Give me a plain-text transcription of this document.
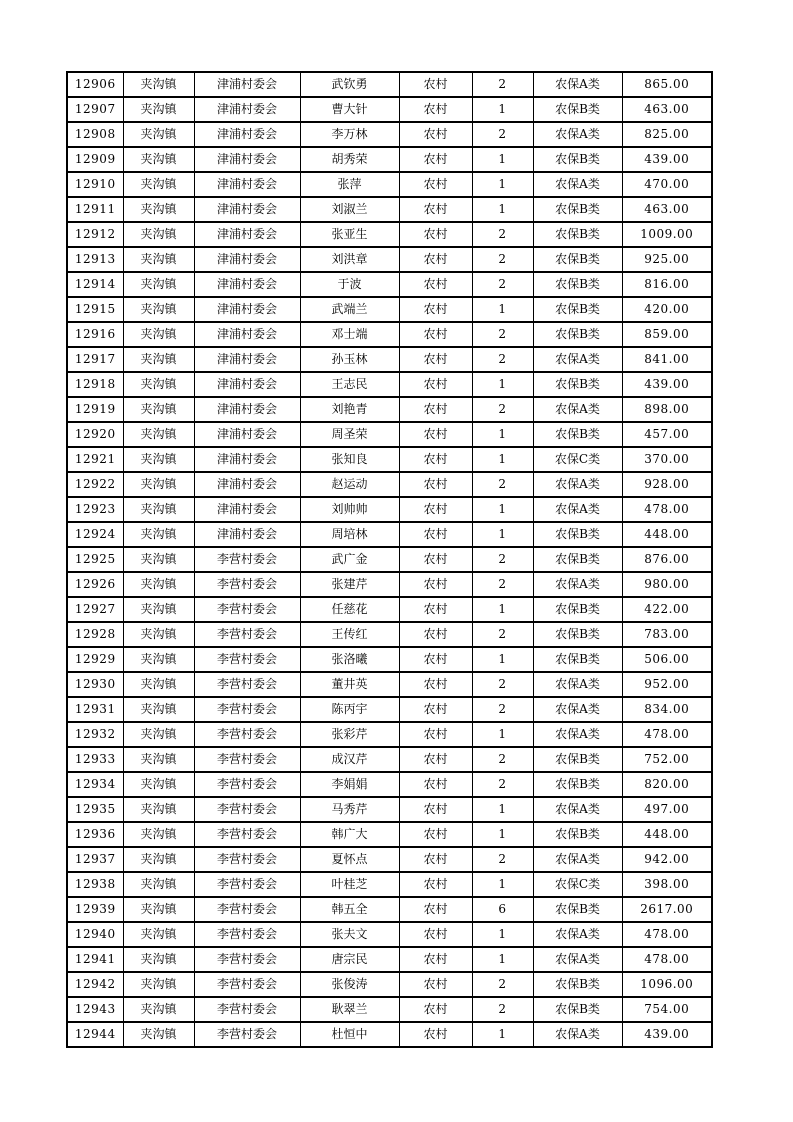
12906	夹沟镇	津浦村委会	武钦勇	农村	2	农保A类	865.00
12907	夹沟镇	津浦村委会	曹大针	农村	1	农保B类	463.00
12908	夹沟镇	津浦村委会	李万林	农村	2	农保A类	825.00
12909	夹沟镇	津浦村委会	胡秀荣	农村	1	农保B类	439.00
12910	夹沟镇	津浦村委会	张萍	农村	1	农保A类	470.00
12911	夹沟镇	津浦村委会	刘淑兰	农村	1	农保B类	463.00
12912	夹沟镇	津浦村委会	张亚生	农村	2	农保B类	1009.00
12913	夹沟镇	津浦村委会	刘洪章	农村	2	农保B类	925.00
12914	夹沟镇	津浦村委会	于波	农村	2	农保B类	816.00
12915	夹沟镇	津浦村委会	武端兰	农村	1	农保B类	420.00
12916	夹沟镇	津浦村委会	邓士端	农村	2	农保B类	859.00
12917	夹沟镇	津浦村委会	孙玉林	农村	2	农保A类	841.00
12918	夹沟镇	津浦村委会	王志民	农村	1	农保B类	439.00
12919	夹沟镇	津浦村委会	刘艳青	农村	2	农保A类	898.00
12920	夹沟镇	津浦村委会	周圣荣	农村	1	农保B类	457.00
12921	夹沟镇	津浦村委会	张知良	农村	1	农保C类	370.00
12922	夹沟镇	津浦村委会	赵运动	农村	2	农保A类	928.00
12923	夹沟镇	津浦村委会	刘帅帅	农村	1	农保A类	478.00
12924	夹沟镇	津浦村委会	周培林	农村	1	农保B类	448.00
12925	夹沟镇	李营村委会	武广金	农村	2	农保B类	876.00
12926	夹沟镇	李营村委会	张建芹	农村	2	农保A类	980.00
12927	夹沟镇	李营村委会	任慈花	农村	1	农保B类	422.00
12928	夹沟镇	李营村委会	王传红	农村	2	农保B类	783.00
12929	夹沟镇	李营村委会	张洛曦	农村	1	农保B类	506.00
12930	夹沟镇	李营村委会	董井英	农村	2	农保A类	952.00
12931	夹沟镇	李营村委会	陈丙宇	农村	2	农保A类	834.00
12932	夹沟镇	李营村委会	张彩芹	农村	1	农保A类	478.00
12933	夹沟镇	李营村委会	成汉芹	农村	2	农保B类	752.00
12934	夹沟镇	李营村委会	李娟娟	农村	2	农保B类	820.00
12935	夹沟镇	李营村委会	马秀芹	农村	1	农保A类	497.00
12936	夹沟镇	李营村委会	韩广大	农村	1	农保B类	448.00
12937	夹沟镇	李营村委会	夏怀点	农村	2	农保A类	942.00
12938	夹沟镇	李营村委会	叶桂芝	农村	1	农保C类	398.00
12939	夹沟镇	李营村委会	韩五全	农村	6	农保B类	2617.00
12940	夹沟镇	李营村委会	张夫文	农村	1	农保A类	478.00
12941	夹沟镇	李营村委会	唐宗民	农村	1	农保A类	478.00
12942	夹沟镇	李营村委会	张俊涛	农村	2	农保B类	1096.00
12943	夹沟镇	李营村委会	耿翠兰	农村	2	农保B类	754.00
12944	夹沟镇	李营村委会	杜恒中	农村	1	农保A类	439.00
